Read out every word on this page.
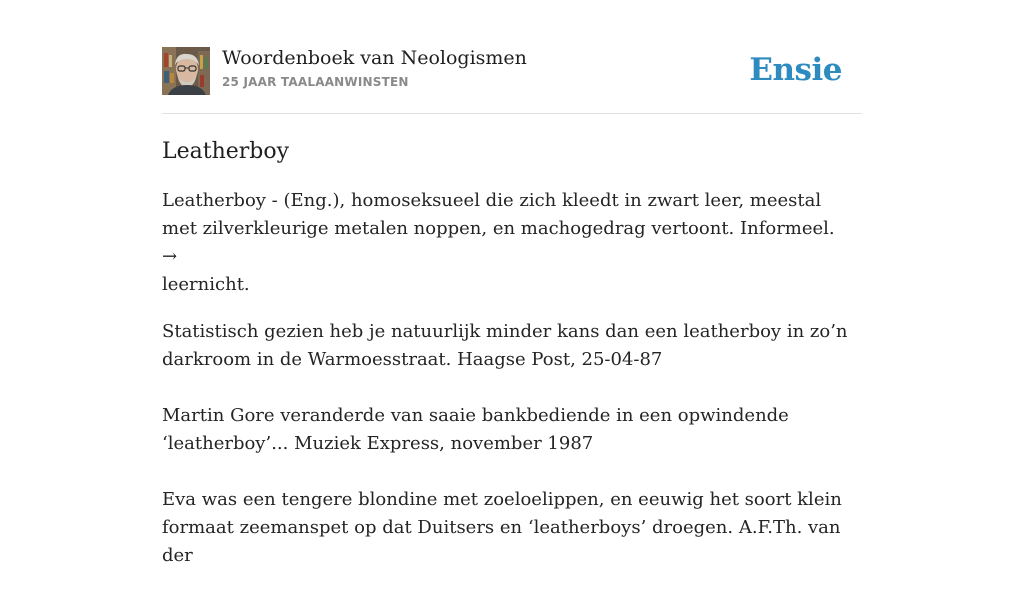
Woordenboek van Neologismen
25 JAAR TAALAANWINSTEN	Ensie
Leatherboy

Leatherboy - (Eng.), homoseksueel die zich kleedt in zwart leer, meestal met zilverkleurige metalen noppen, en machogedrag vertoont. Informeel. →
leernicht.

Statistisch gezien heb je natuurlijk minder kans dan een leatherboy in zo’n darkroom in de Warmoesstraat. Haagse Post, 25-04-87

Martin Gore veranderde van saaie bankbediende in een opwindende ‘leatherboy’... Muziek Express, november 1987

Eva was een tengere blondine met zoeloelippen, en eeuwig het soort klein formaat zeemanspet op dat Duitsers en ‘leatherboys’ droegen. A.F.Th. van der
